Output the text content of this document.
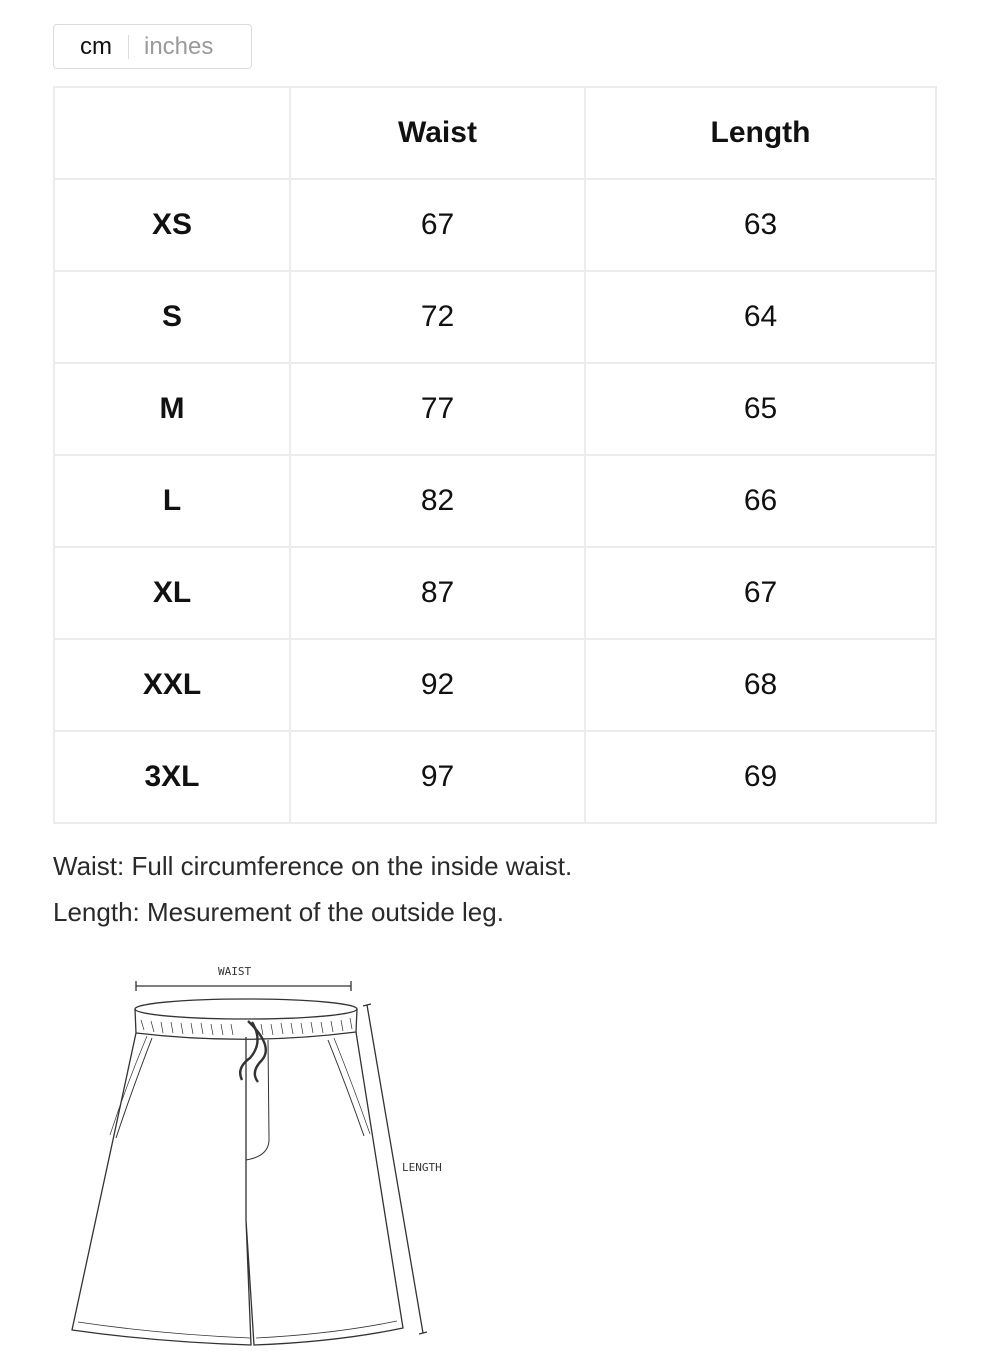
cm inches
	Waist	Length
XS	67	63
S	72	64
M	77	65
L	82	66
XL	87	67
XXL	92	68
3XL	97	69

Waist: Full circumference on the inside waist.

Length: Mesurement of the outside leg.

WAIST
LENGTH
